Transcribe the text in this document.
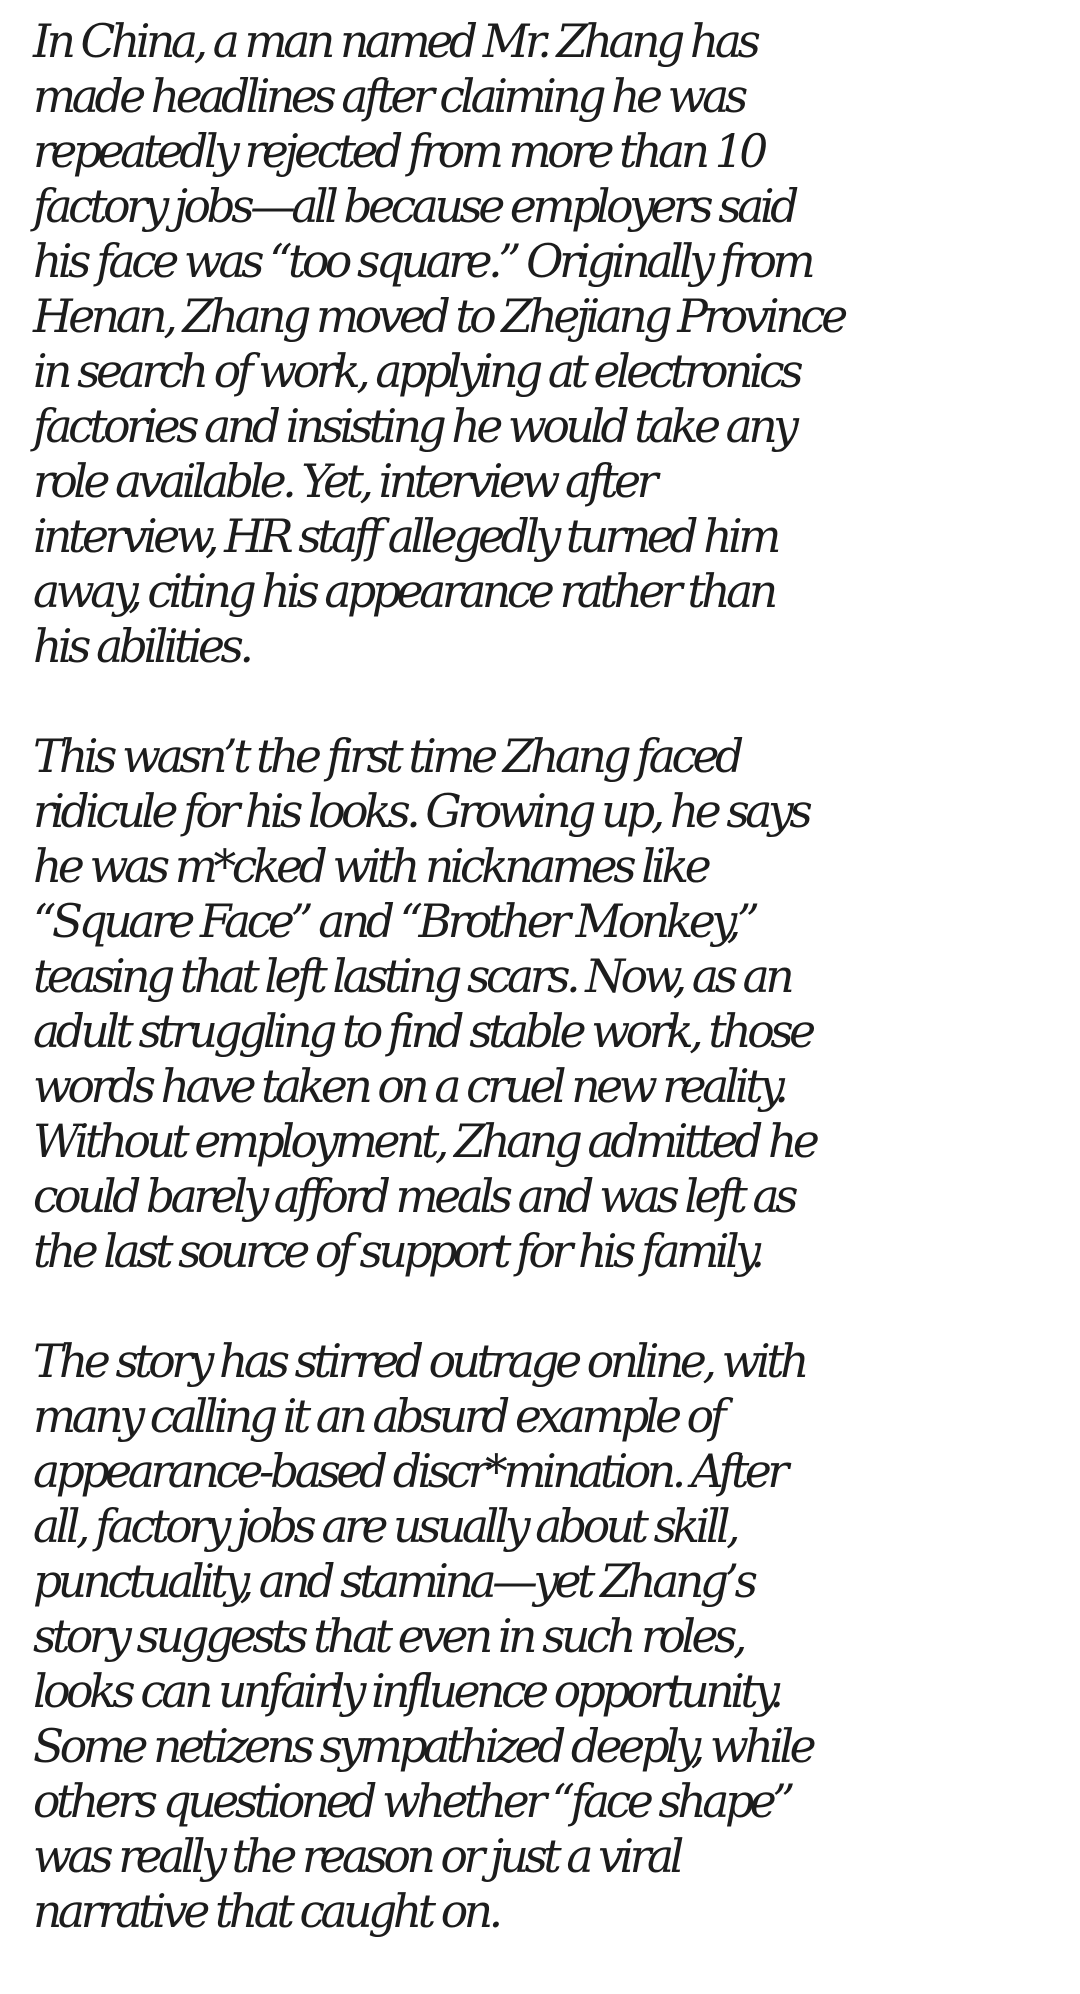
In China, a man named Mr. Zhang has
made headlines after claiming he was
repeatedly rejected from more than 10
factory jobs—all because employers said
his face was “too square.” Originally from
Henan, Zhang moved to Zhejiang Province
in search of work, applying at electronics
factories and insisting he would take any
role available. Yet, interview after
interview, HR staff allegedly turned him
away, citing his appearance rather than
his abilities.
This wasn’t the first time Zhang faced
ridicule for his looks. Growing up, he says
he was m*cked with nicknames like
“Square Face” and “Brother Monkey,”
teasing that left lasting scars. Now, as an
adult struggling to find stable work, those
words have taken on a cruel new reality.
Without employment, Zhang admitted he
could barely afford meals and was left as
the last source of support for his family.
The story has stirred outrage online, with
many calling it an absurd example of
appearance-based discr*mination. After
all, factory jobs are usually about skill,
punctuality, and stamina—yet Zhang’s
story suggests that even in such roles,
looks can unfairly influence opportunity.
Some netizens sympathized deeply, while
others questioned whether “face shape”
was really the reason or just a viral
narrative that caught on.
